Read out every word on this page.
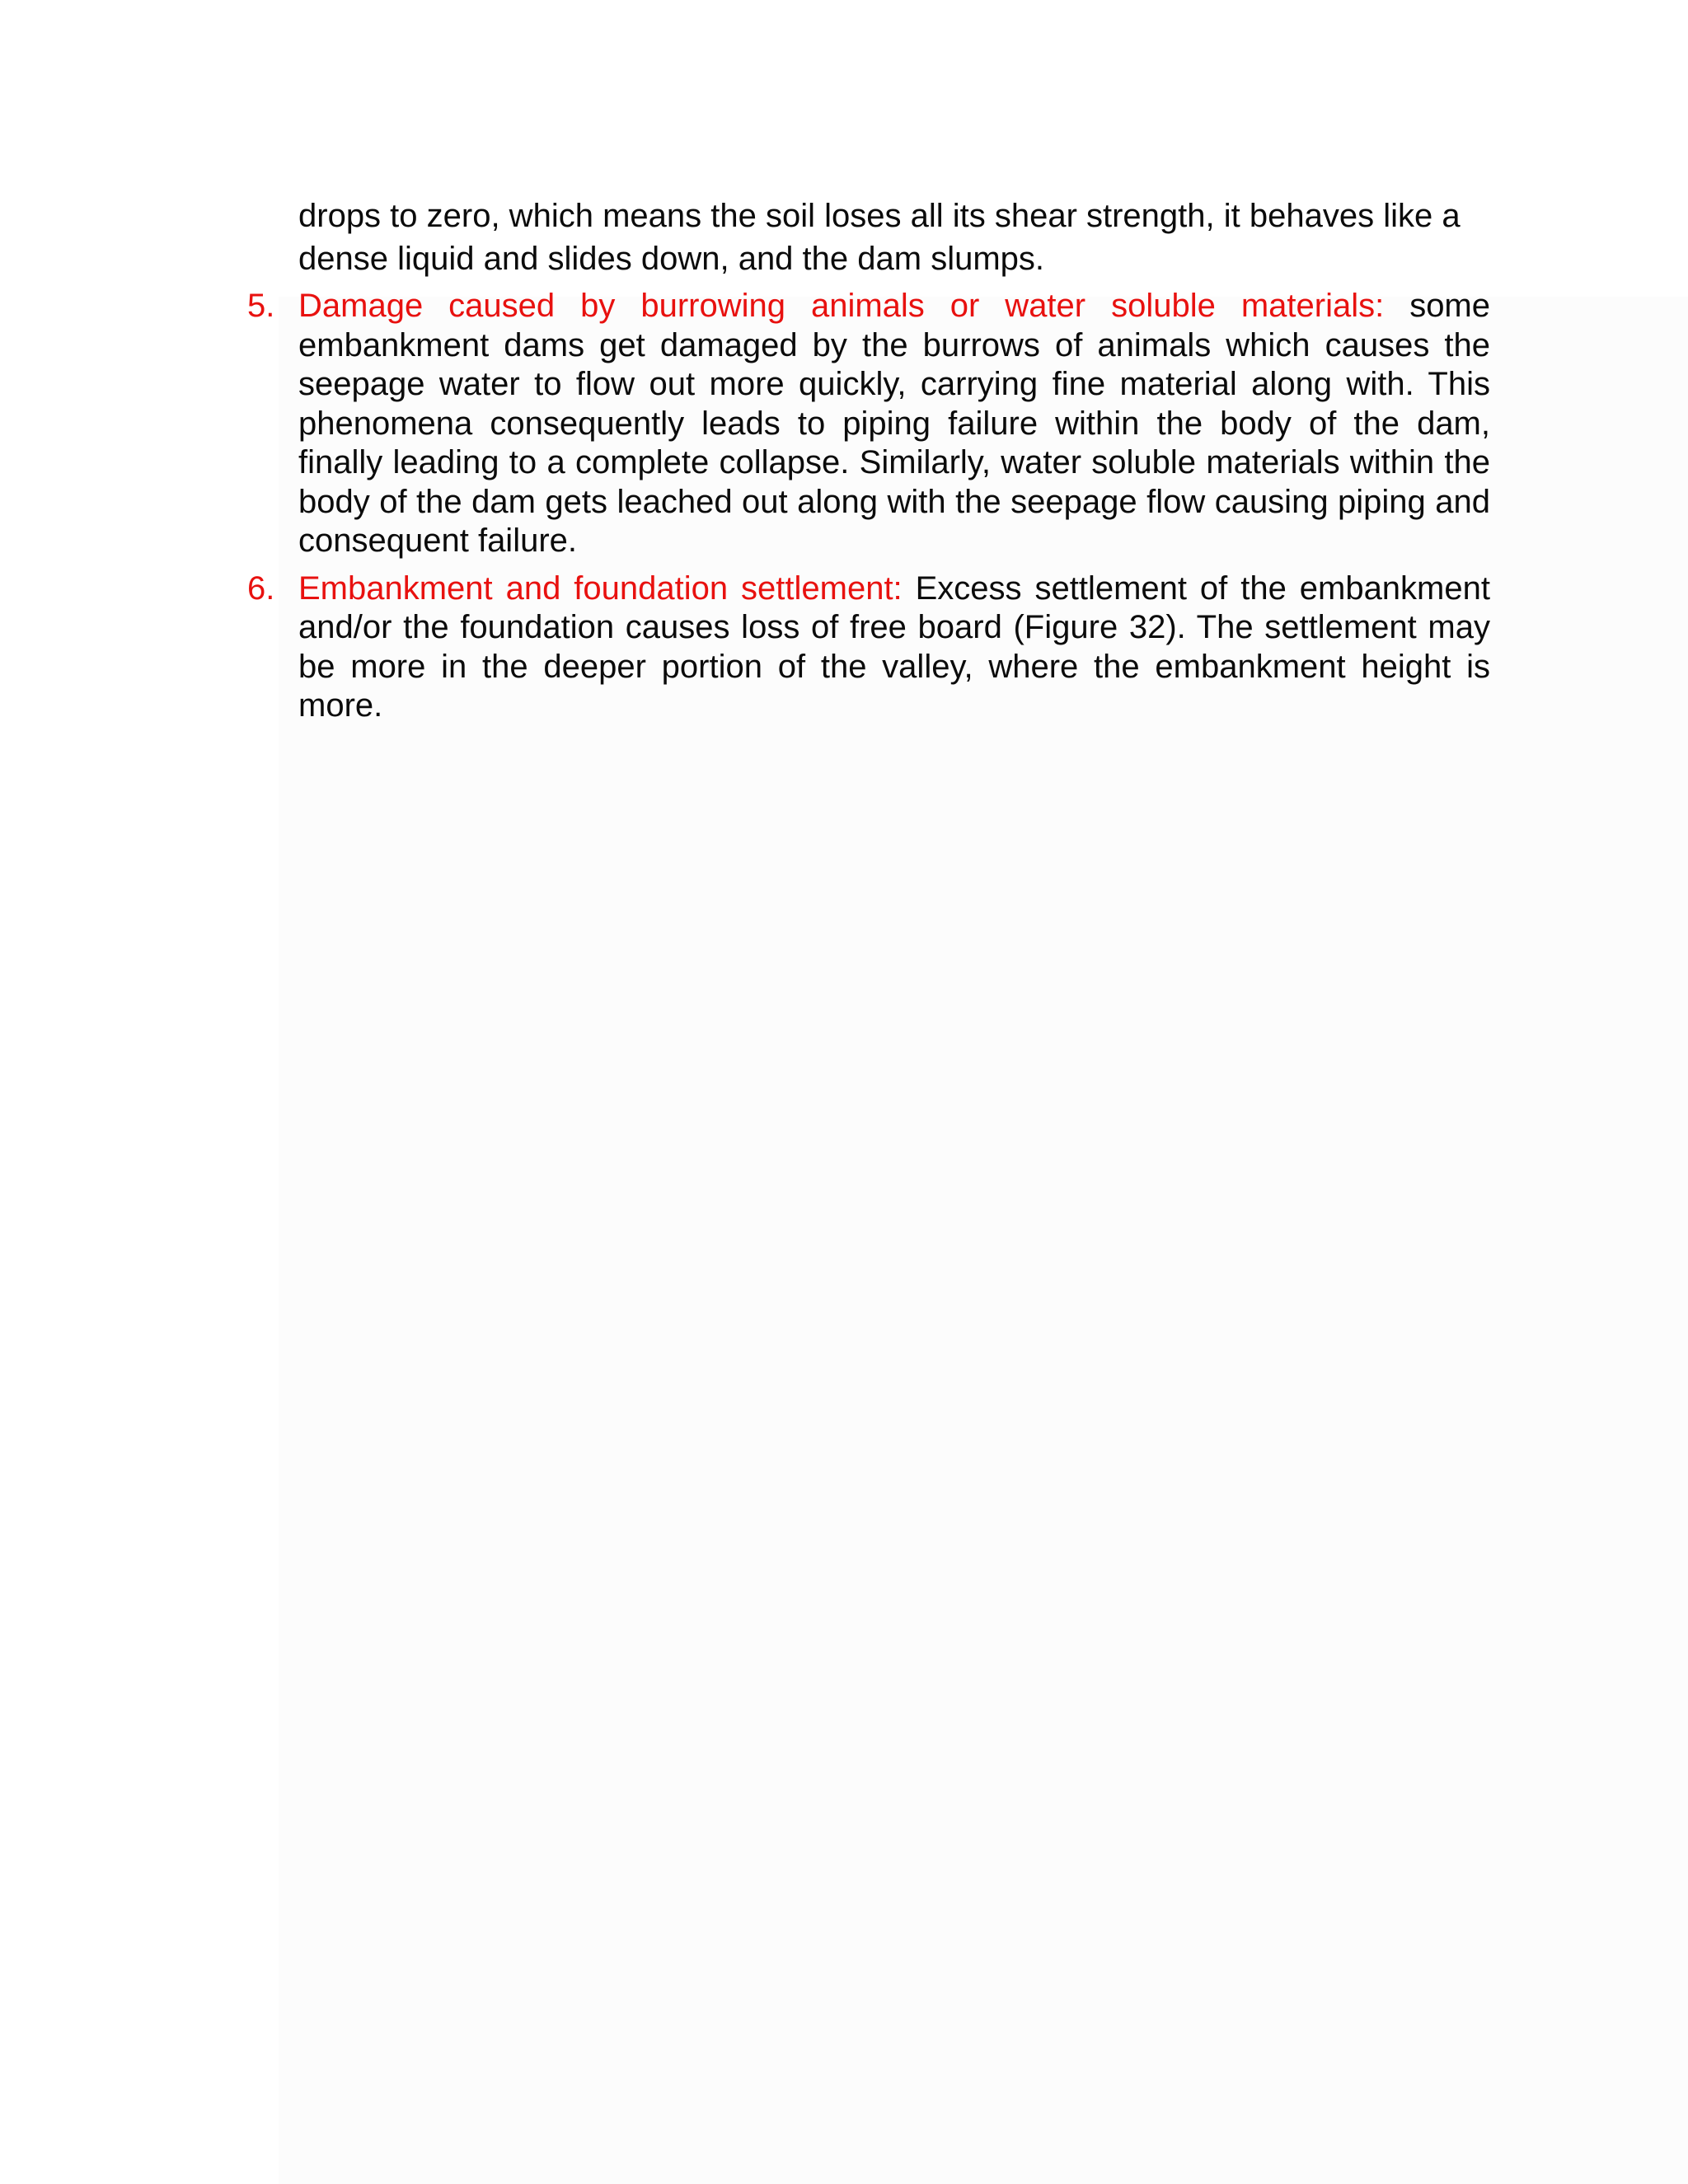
drops to zero, which means the soil loses all its shear strength, it behaves like a
dense liquid and slides down, and the dam slumps.
5. Damage caused by burrowing animals or water soluble materials: some embankment dams get damaged by the burrows of animals which causes the seepage water to flow out more quickly, carrying fine material along with. This phenomena consequently leads to piping failure within the body of the dam, finally leading to a complete collapse. Similarly, water soluble materials within the body of the dam gets leached out along with the seepage flow causing piping and consequent failure.
6. Embankment and foundation settlement: Excess settlement of the embankment and/or the foundation causes loss of free board (Figure 32). The settlement may be more in the deeper portion of the valley, where the embankment height is more.
